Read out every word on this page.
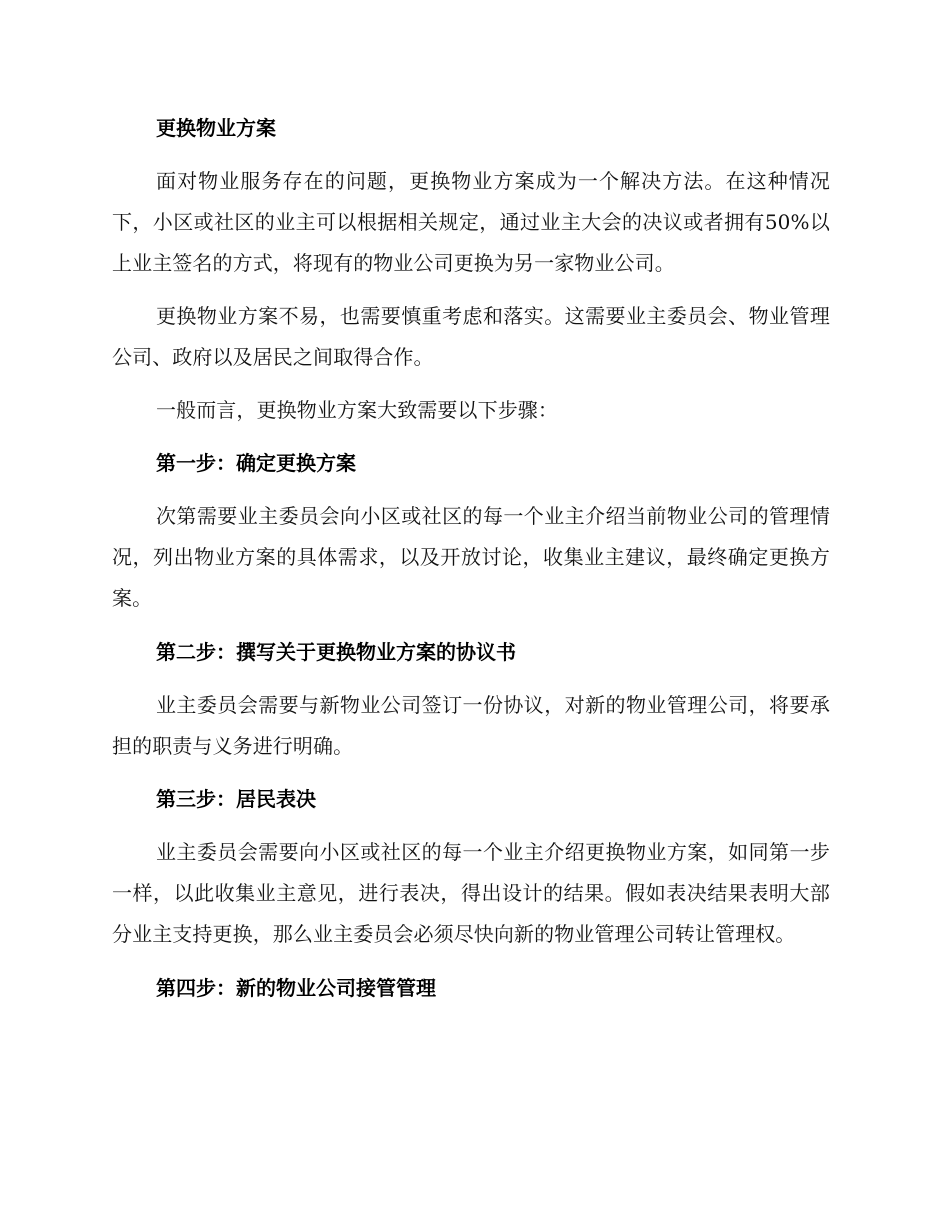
更换物业方案

面对物业服务存在的问题，更换物业方案成为一个解决方法。在这种情况下，小区或社区的业主可以根据相关规定，通过业主大会的决议或者拥有50%以上业主签名的方式，将现有的物业公司更换为另一家物业公司。

更换物业方案不易，也需要慎重考虑和落实。这需要业主委员会、物业管理公司、政府以及居民之间取得合作。

一般而言，更换物业方案大致需要以下步骤：

第一步：确定更换方案

次第需要业主委员会向小区或社区的每一个业主介绍当前物业公司的管理情况，列出物业方案的具体需求，以及开放讨论，收集业主建议，最终确定更换方案。

第二步：撰写关于更换物业方案的协议书

业主委员会需要与新物业公司签订一份协议，对新的物业管理公司，将要承担的职责与义务进行明确。

第三步：居民表决

业主委员会需要向小区或社区的每一个业主介绍更换物业方案，如同第一步一样，以此收集业主意见，进行表决，得出设计的结果。假如表决结果表明大部分业主支持更换，那么业主委员会必须尽快向新的物业管理公司转让管理权。

第四步：新的物业公司接管管理
